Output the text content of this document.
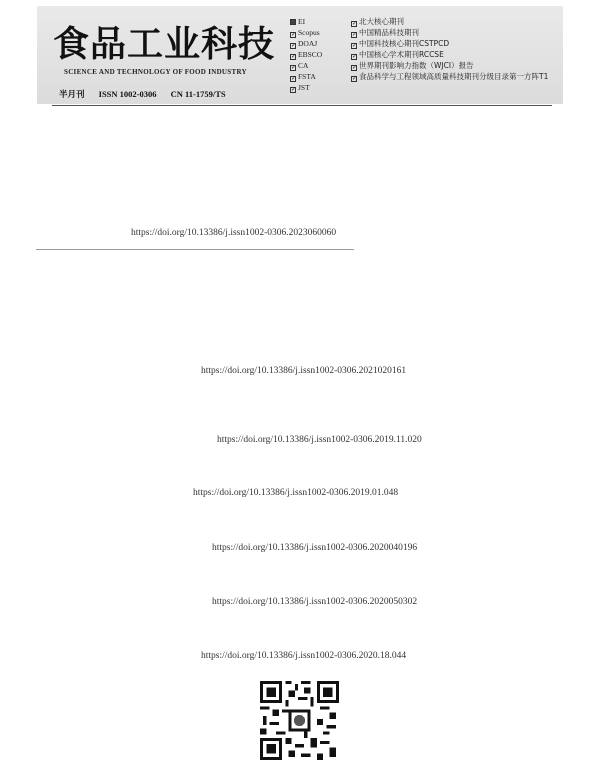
食品工业科技
SCIENCE AND TECHNOLOGY OF FOOD INDUSTRY
半月刊 ISSN 1002-0306 CN 11-1759/TS
EI
✓ Scopus
✓ DOAJ
✓ EBSCO
✓ CA
✓ FSTA
✓ JST
✓ 北大核心期刊
✓ 中国精品科技期刊
✓ 中国科技核心期刊CSTPCD
✓ 中国核心学术期刊RCCSE
✓ 世界期刊影响力指数（WJCI）报告
✓ 食品科学与工程领域高质量科技期刊分级目录第一方阵T1
https://doi.org/10.13386/j.issn1002-0306.2023060060
https://doi.org/10.13386/j.issn1002-0306.2021020161
https://doi.org/10.13386/j.issn1002-0306.2019.11.020
https://doi.org/10.13386/j.issn1002-0306.2019.01.048
https://doi.org/10.13386/j.issn1002-0306.2020040196
https://doi.org/10.13386/j.issn1002-0306.2020050302
https://doi.org/10.13386/j.issn1002-0306.2020.18.044
